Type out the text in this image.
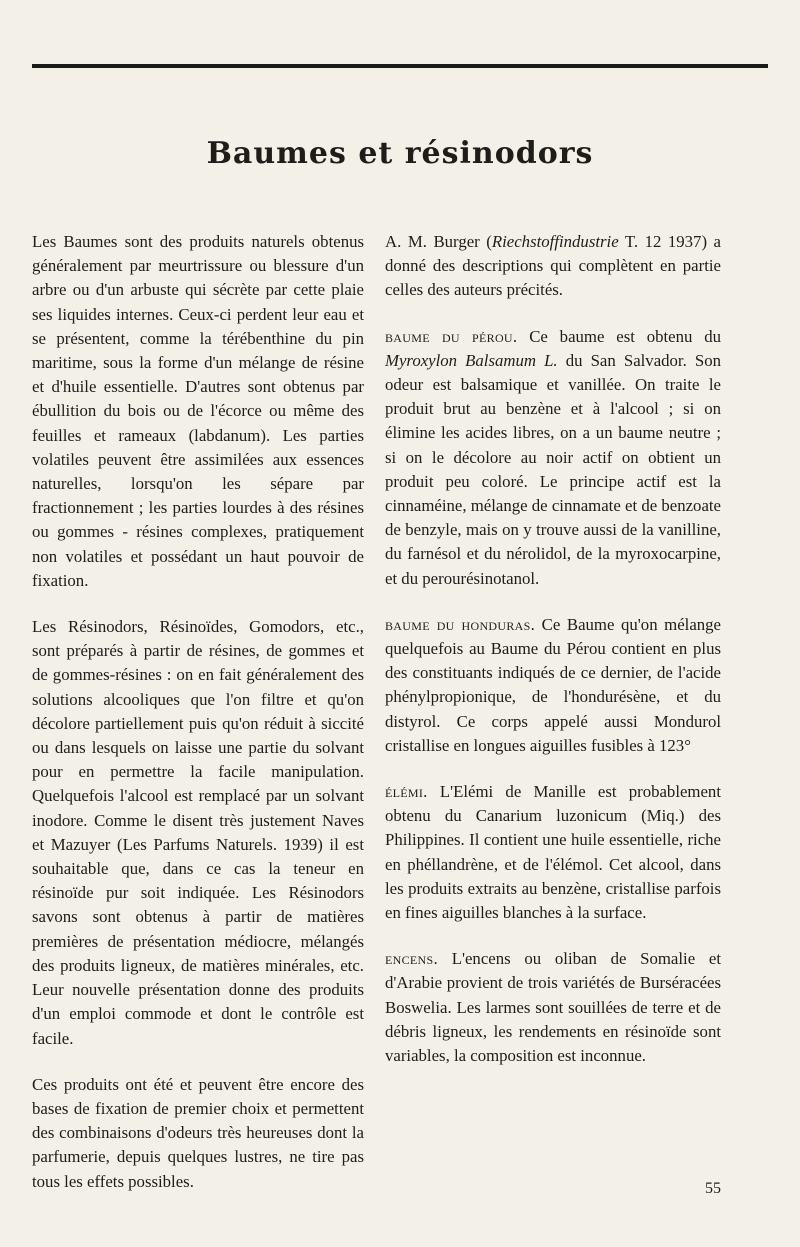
Baumes et résinodors

Les Baumes sont des produits naturels obtenus généralement par meurtrissure ou blessure d'un arbre ou d'un arbuste qui sécrète par cette plaie ses liquides internes. Ceux-ci perdent leur eau et se présentent, comme la térébenthine du pin maritime, sous la forme d'un mélange de résine et d'huile essentielle. D'autres sont obtenus par ébullition du bois ou de l'écorce ou même des feuilles et rameaux (labdanum). Les parties volatiles peuvent être assimilées aux essences naturelles, lorsqu'on les sépare par fractionnement ; les parties lourdes à des résines ou gommes - résines complexes, pratiquement non volatiles et possédant un haut pouvoir de fixation.

Les Résinodors, Résinoïdes, Gomodors, etc., sont préparés à partir de résines, de gommes et de gommes-résines : on en fait généralement des solutions alcooliques que l'on filtre et qu'on décolore partiellement puis qu'on réduit à siccité ou dans lesquels on laisse une partie du solvant pour en permettre la facile manipulation. Quelquefois l'alcool est remplacé par un solvant inodore. Comme le disent très justement Naves et Mazuyer (Les Parfums Naturels. 1939) il est souhaitable que, dans ce cas la teneur en résinoïde pur soit indiquée. Les Résinodors savons sont obtenus à partir de matières premières de présentation médiocre, mélangés des produits ligneux, de matières minérales, etc. Leur nouvelle présentation donne des produits d'un emploi commode et dont le contrôle est facile.

Ces produits ont été et peuvent être encore des bases de fixation de premier choix et permettent des combinaisons d'odeurs très heureuses dont la parfumerie, depuis quelques lustres, ne tire pas tous les effets possibles.

A. M. Burger (Riechstoffindustrie T. 12 1937) a donné des descriptions qui complètent en partie celles des auteurs précités.

baume du pérou. Ce baume est obtenu du Myroxylon Balsamum L. du San Salvador. Son odeur est balsamique et vanillée. On traite le produit brut au benzène et à l'alcool ; si on élimine les acides libres, on a un baume neutre ; si on le décolore au noir actif on obtient un produit peu coloré. Le principe actif est la cinnaméine, mélange de cinnamate et de benzoate de benzyle, mais on y trouve aussi de la vanilline, du farnésol et du nérolidol, de la myroxocarpine, et du perourésinotanol.

baume du honduras. Ce Baume qu'on mélange quelquefois au Baume du Pérou contient en plus des constituants indiqués de ce dernier, de l'acide phénylpropionique, de l'hondurésène, et du distyrol. Ce corps appelé aussi Mondurol cristallise en longues aiguilles fusibles à 123°

élémi. L'Elémi de Manille est probablement obtenu du Canarium luzonicum (Miq.) des Philippines. Il contient une huile essentielle, riche en phéllandrène, et de l'élémol. Cet alcool, dans les produits extraits au benzène, cristallise parfois en fines aiguilles blanches à la surface.

encens. L'encens ou oliban de Somalie et d'Arabie provient de trois variétés de Burséracées Boswelia. Les larmes sont souillées de terre et de débris ligneux, les rendements en résinoïde sont variables, la composition est inconnue.

55
